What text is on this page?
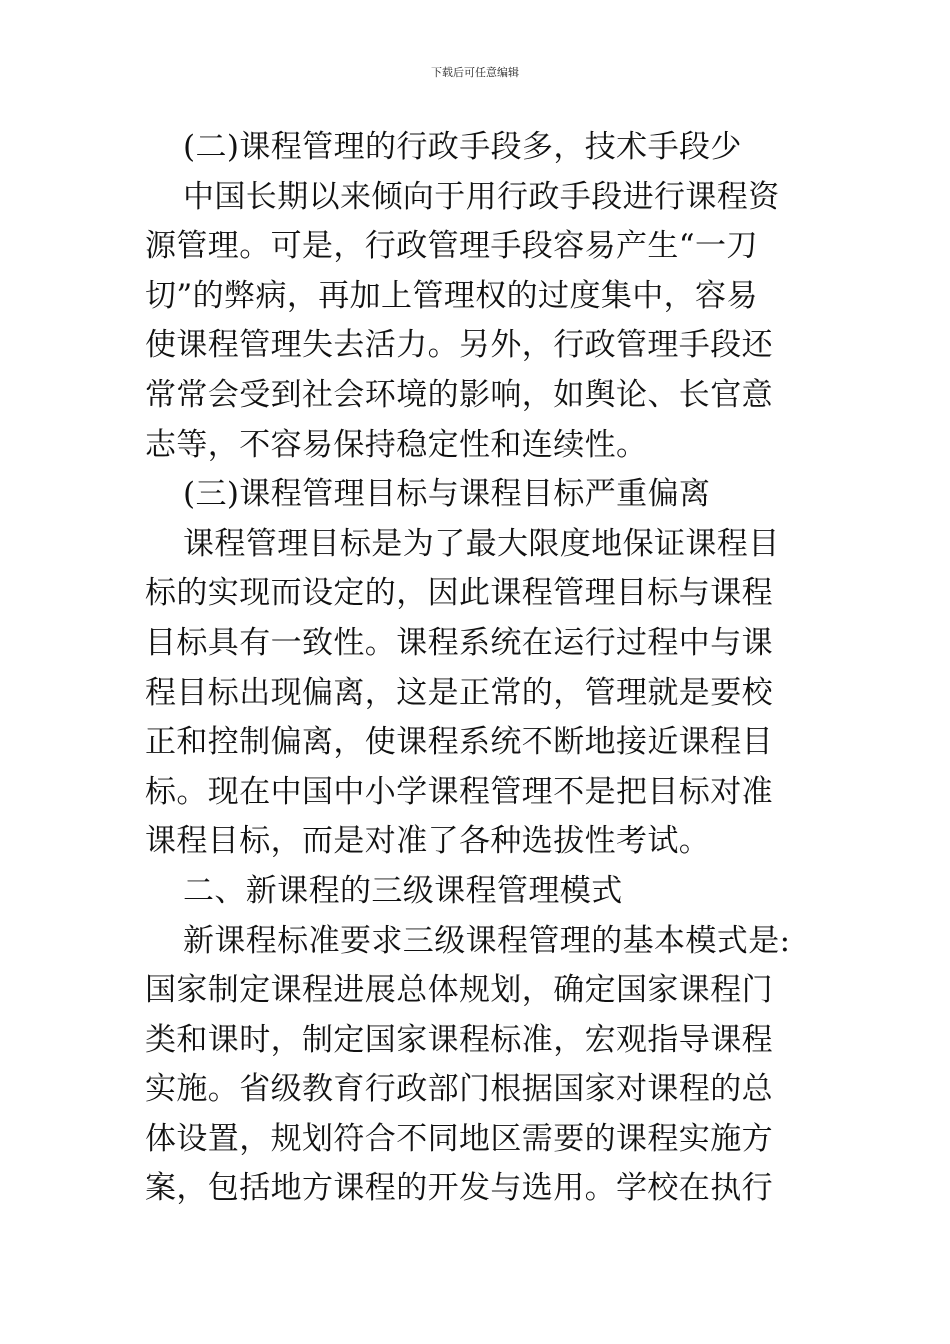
下载后可任意编辑
(二)课程管理的行政手段多，技术手段少
中国长期以来倾向于用行政手段进行课程资
源管理。可是，行政管理手段容易产生“一刀
切”的弊病，再加上管理权的过度集中，容易
使课程管理失去活力。另外，行政管理手段还
常常会受到社会环境的影响，如舆论、长官意
志等，不容易保持稳定性和连续性。
(三)课程管理目标与课程目标严重偏离
课程管理目标是为了最大限度地保证课程目
标的实现而设定的，因此课程管理目标与课程
目标具有一致性。课程系统在运行过程中与课
程目标出现偏离，这是正常的，管理就是要校
正和控制偏离，使课程系统不断地接近课程目
标。现在中国中小学课程管理不是把目标对准
课程目标，而是对准了各种选拔性考试。
二、新课程的三级课程管理模式
新课程标准要求三级课程管理的基本模式是:
国家制定课程进展总体规划，确定国家课程门
类和课时，制定国家课程标准，宏观指导课程
实施。省级教育行政部门根据国家对课程的总
体设置，规划符合不同地区需要的课程实施方
案，包括地方课程的开发与选用。学校在执行
